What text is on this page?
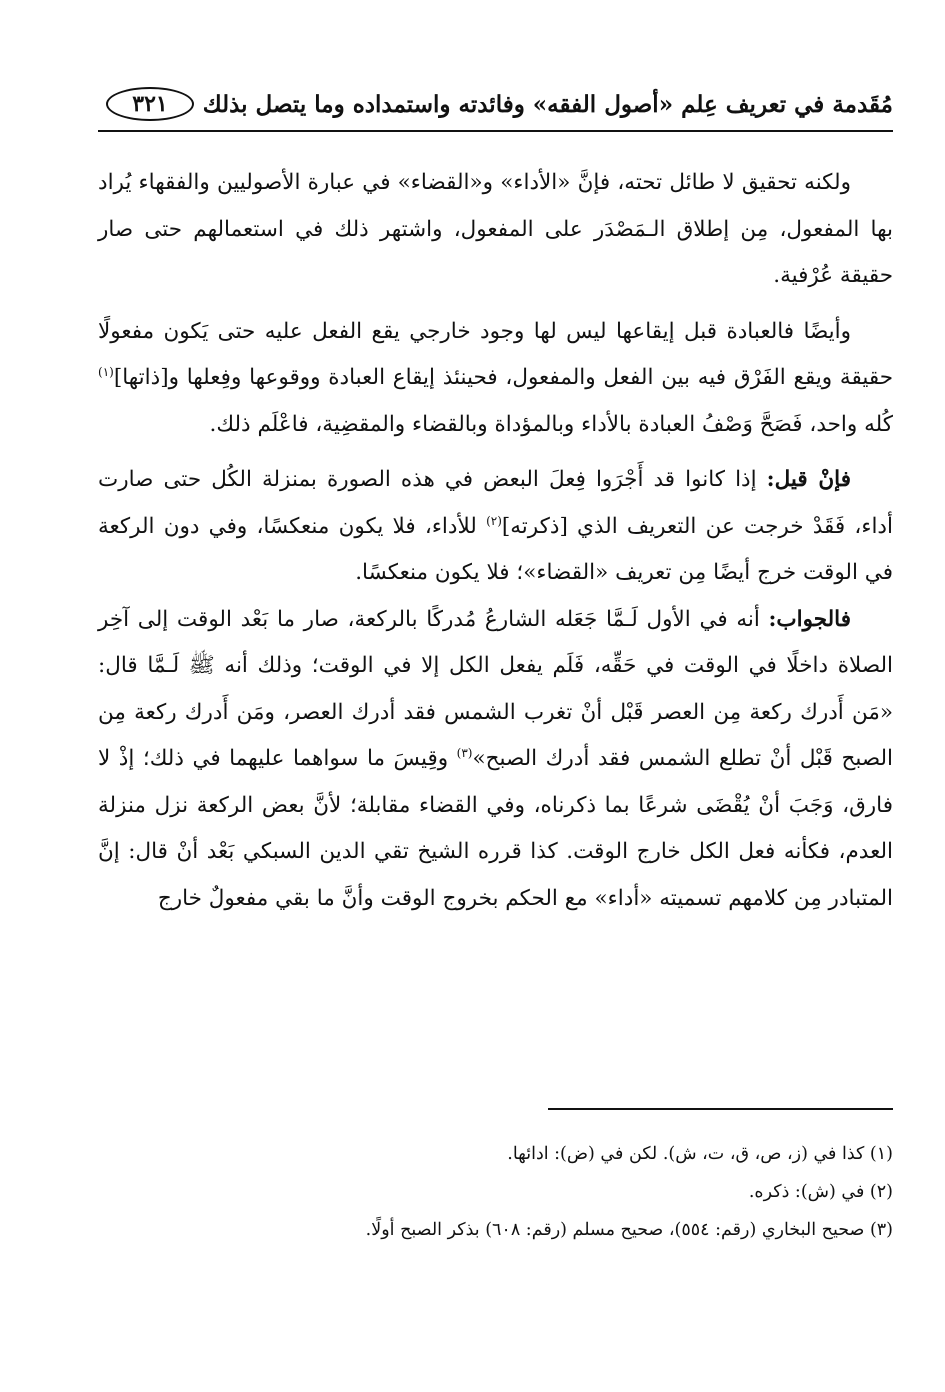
مُقَدمة في تعريف عِلم «أصول الفقه» وفائدته واستمداده وما يتصل بذلك
٣٢١

ولكنه تحقيق لا طائل تحته، فإنَّ «الأداء» و«القضاء» في عبارة الأصوليين والفقهاء يُراد بها المفعول، مِن إطلاق الـمَصْدَر على المفعول، واشتهر ذلك في استعمالهم حتى صار حقيقة عُرْفية.

وأيضًا فالعبادة قبل إيقاعها ليس لها وجود خارجي يقع الفعل عليه حتى يَكون مفعولًا حقيقة ويقع الفَرْق فيه بين الفعل والمفعول، فحينئذ إيقاع العبادة ووقوعها وفِعلها و[ذاتها]$^{(١)}$ كُله واحد، فَصَحَّ وَصْفُ العبادة بالأداء وبالمؤداة وبالقضاء والمقضِية، فاعْلَم ذلك.

فإنْ قيل: إذا كانوا قد أَجْرَوا فِعلَ البعض في هذه الصورة بمنزلة الكُل حتى صارت أداء، فَقَدْ خرجت عن التعريف الذي [ذكرته]$^{(٢)}$ للأداء، فلا يكون منعكسًا، وفي دون الركعة في الوقت خرج أيضًا مِن تعريف «القضاء»؛ فلا يكون منعكسًا.

فالجواب: أنه في الأول لَـمَّا جَعَله الشارعُ مُدركًا بالركعة، صار ما بَعْد الوقت إلى آخِر الصلاة داخلًا في الوقت في حَقِّه، فَلَم يفعل الكل إلا في الوقت؛ وذلك أنه ﷺ لَـمَّا قال: «مَن أَدرك ركعة مِن العصر قَبْل أنْ تغرب الشمس فقد أدرك العصر، ومَن أَدرك ركعة مِن الصبح قَبْل أنْ تطلع الشمس فقد أدرك الصبح»$^{(٣)}$ وقِيسَ ما سواهما عليهما في ذلك؛ إذْ لا فارق، وَجَبَ أنْ يُقْضَى شرعًا بما ذكرناه، وفي القضاء مقابلة؛ لأنَّ بعض الركعة نزل منزلة العدم، فكأنه فعل الكل خارج الوقت. كذا قرره الشيخ تقي الدين السبكي بَعْد أنْ قال: إنَّ المتبادر مِن كلامهم تسميته «أداء» مع الحكم بخروج الوقت وأنَّ ما بقي مفعولٌ خارج

(١) كذا في (ز، ص، ق، ت، ش). لكن في (ض): ادائها.
(٢) في (ش): ذكره.
(٣) صحيح البخاري (رقم: ٥٥٤)، صحيح مسلم (رقم: ٦٠٨) بذكر الصبح أولًا.
